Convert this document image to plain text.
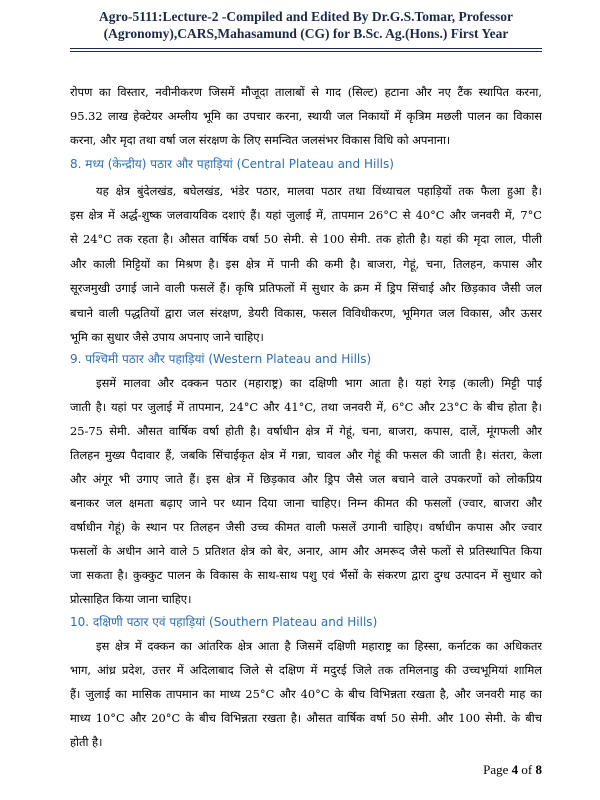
Agro-5111:Lecture-2 -Compiled and Edited By Dr.G.S.Tomar, Professor
(Agronomy),CARS,Mahasamund (CG) for B.Sc. Ag.(Hons.) First Year
रोपण का विस्तार, नवीनीकरण जिसमें मौजूदा तालाबों से गाद (सिल्ट) हटाना और नए टैंक स्थापित करना,
95.32 लाख हेक्टेयर अम्लीय भूमि का उपचार करना, स्थायी जल निकायों में कृत्रिम मछली पालन का विकास
करना, और मृदा तथा वर्षा जल संरक्षण के लिए समन्वित जलसंभर विकास विधि को अपनाना।
8. मध्य (केन्द्रीय) पठार और पहाड़ियां (Central Plateau and Hills)
यह क्षेत्र बुंदेलखंड, बघेलखंड, भंडेर पठार, मालवा पठार तथा विंध्याचल पहाड़ियों तक फैला हुआ है।
इस क्षेत्र में अर्द्ध-शुष्क जलवायविक दशाएं हैं। यहां जुलाई में, तापमान 26°C से 40°C और जनवरी में, 7°C
से 24°C तक रहता है। औसत वार्षिक वर्षा 50 सेमी. से 100 सेमी. तक होती है। यहां की मृदा लाल, पीली
और काली मिट्टियों का मिश्रण है। इस क्षेत्र में पानी की कमी है। बाजरा, गेहूं, चना, तिलहन, कपास और
सूरजमुखी उगाई जाने वाली फसलें हैं। कृषि प्रतिफलों में सुधार के क्रम में ड्रिप सिंचाई और छिड़काव जैसी जल
बचाने वाली पद्धतियों द्वारा जल संरक्षण, डेयरी विकास, फसल विविधीकरण, भूमिगत जल विकास, और ऊसर
भूमि का सुधार जैसे उपाय अपनाए जाने चाहिए।
9. पश्चिमी पठार और पहाड़ियां (Western Plateau and Hills)
इसमें मालवा और दक्कन पठार (महाराष्ट्र) का दक्षिणी भाग आता है। यहां रेगड़ (काली) मिट्टी पाई
जाती है। यहां पर जुलाई में तापमान, 24°C और 41°C, तथा जनवरी में, 6°C और 23°C के बीच होता है।
25-75 सेमी. औसत वार्षिक वर्षा होती है। वर्षाधीन क्षेत्र में गेहूं, चना, बाजरा, कपास, दालें, मूंगफली और
तिलहन मुख्य पैदावार हैं, जबकि सिंचाईकृत क्षेत्र में गन्ना, चावल और गेहूं की फसल की जाती है। संतरा, केला
और अंगूर भी उगाए जाते हैं। इस क्षेत्र में छिड़काव और ड्रिप जैसे जल बचाने वाले उपकरणों को लोकप्रिय
बनाकर जल क्षमता बढ़ाए जाने पर ध्यान दिया जाना चाहिए। निम्न कीमत की फसलों (ज्वार, बाजरा और
वर्षाधीन गेहूं) के स्थान पर तिलहन जैसी उच्च कीमत वाली फसलें उगानी चाहिए। वर्षाधीन कपास और ज्वार
फसलों के अधीन आने वाले 5 प्रतिशत क्षेत्र को बेर, अनार, आम और अमरूद जैसे फलों से प्रतिस्थापित किया
जा सकता है। कुक्कुट पालन के विकास के साथ-साथ पशु एवं भैंसों के संकरण द्वारा दुग्ध उत्पादन में सुधार को
प्रोत्साहित किया जाना चाहिए।
10. दक्षिणी पठार एवं पहाड़ियां (Southern Plateau and Hills)
इस क्षेत्र में दक्कन का आंतरिक क्षेत्र आता है जिसमें दक्षिणी महाराष्ट्र का हिस्सा, कर्नाटक का अधिकतर
भाग, आंध्र प्रदेश, उत्तर में अदिलाबाद जिले से दक्षिण में मदुरई जिले तक तमिलनाडु की उच्चभूमियां शामिल
हैं। जुलाई का मासिक तापमान का माध्य 25°C और 40°C के बीच विभिन्नता रखता है, और जनवरी माह का
माध्य 10°C और 20°C के बीच विभिन्नता रखता है। औसत वार्षिक वर्षा 50 सेमी. और 100 सेमी. के बीच
होती है।
Page 4 of 8
